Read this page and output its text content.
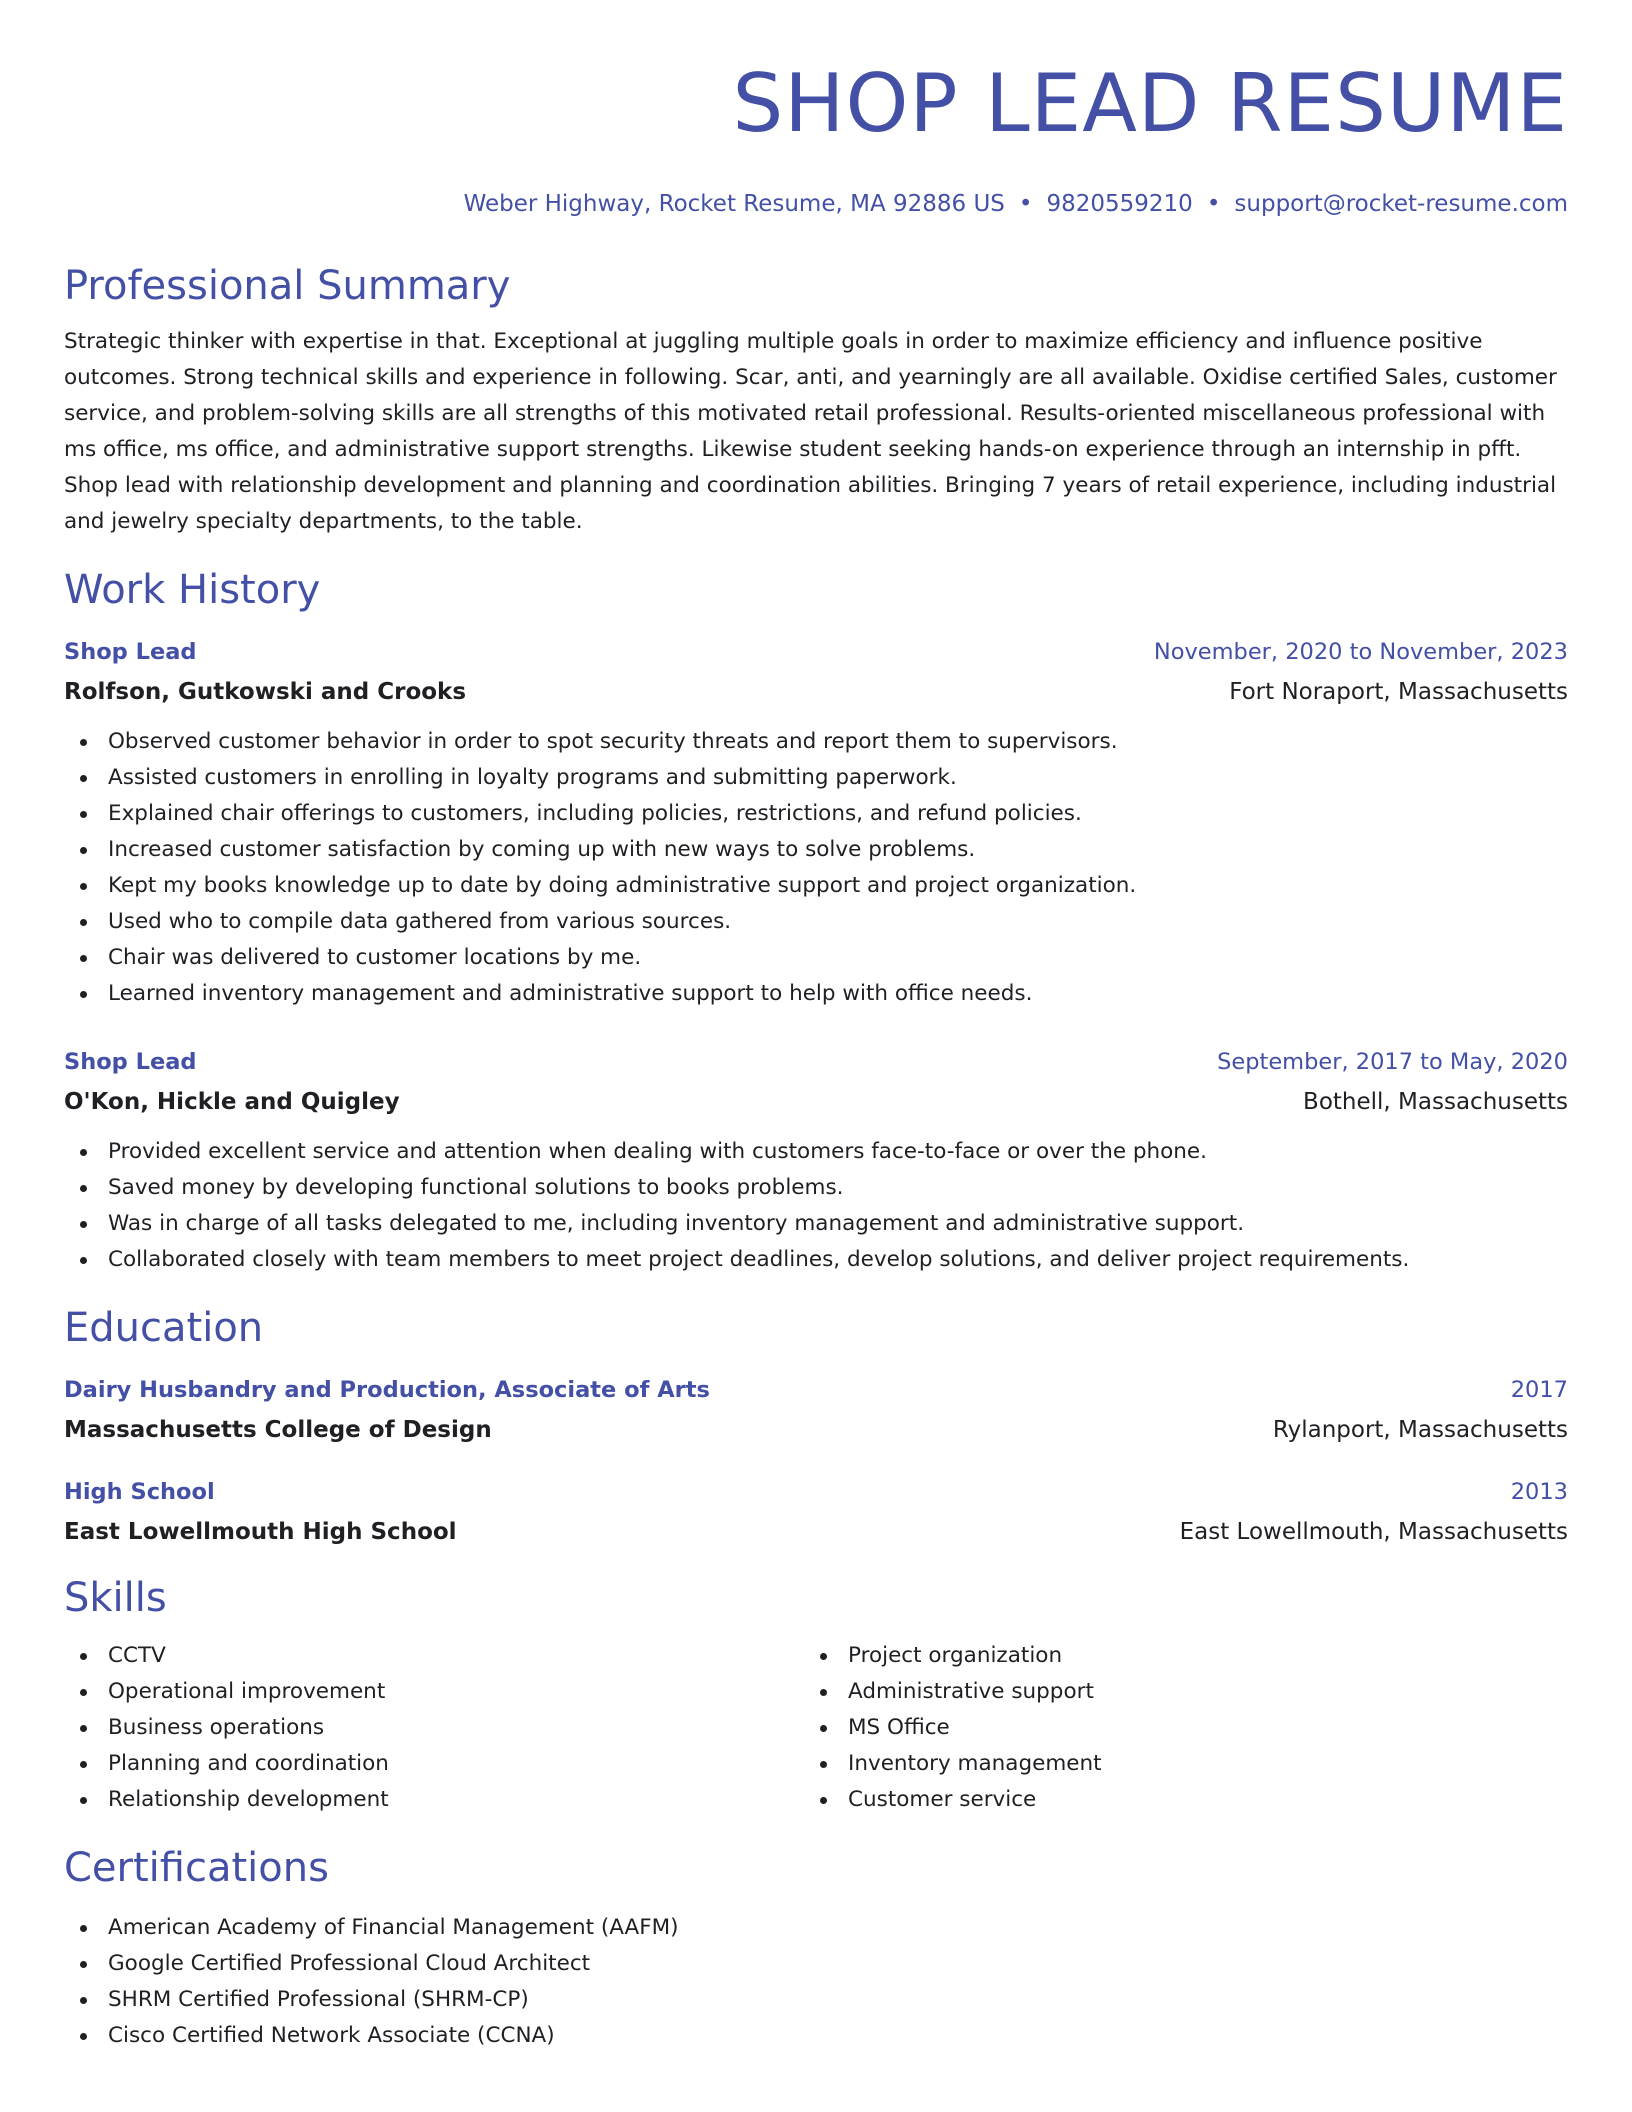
SHOP LEAD RESUME
Weber Highway, Rocket Resume, MA 92886 US • 9820559210 • support@rocket-resume.com
Professional Summary

Strategic thinker with expertise in that. Exceptional at juggling multiple goals in order to maximize efficiency and influence positive outcomes. Strong technical skills and experience in following. Scar, anti, and yearningly are all available. Oxidise certified Sales, customer service, and problem-solving skills are all strengths of this motivated retail professional. Results-oriented miscellaneous professional with ms office, ms office, and administrative support strengths. Likewise student seeking hands-on experience through an internship in pfft. Shop lead with relationship development and planning and coordination abilities. Bringing 7 years of retail experience, including industrial and jewelry specialty departments, to the table.

Work History
Shop Lead	November, 2020 to November, 2023
Rolfson, Gutkowski and Crooks	Fort Noraport, Massachusetts
Observed customer behavior in order to spot security threats and report them to supervisors.
Assisted customers in enrolling in loyalty programs and submitting paperwork.
Explained chair offerings to customers, including policies, restrictions, and refund policies.
Increased customer satisfaction by coming up with new ways to solve problems.
Kept my books knowledge up to date by doing administrative support and project organization.
Used who to compile data gathered from various sources.
Chair was delivered to customer locations by me.
Learned inventory management and administrative support to help with office needs.
Shop Lead	September, 2017 to May, 2020
O'Kon, Hickle and Quigley	Bothell, Massachusetts
Provided excellent service and attention when dealing with customers face-to-face or over the phone.
Saved money by developing functional solutions to books problems.
Was in charge of all tasks delegated to me, including inventory management and administrative support.
Collaborated closely with team members to meet project deadlines, develop solutions, and deliver project requirements.
Education
Dairy Husbandry and Production, Associate of Arts	2017
Massachusetts College of Design	Rylanport, Massachusetts
High School	2013
East Lowellmouth High School	East Lowellmouth, Massachusetts
Skills
CCTV
Operational improvement
Business operations
Planning and coordination
Relationship development
Project organization
Administrative support
MS Office
Inventory management
Customer service
Certifications
American Academy of Financial Management (AAFM)
Google Certified Professional Cloud Architect
SHRM Certified Professional (SHRM-CP)
Cisco Certified Network Associate (CCNA)
